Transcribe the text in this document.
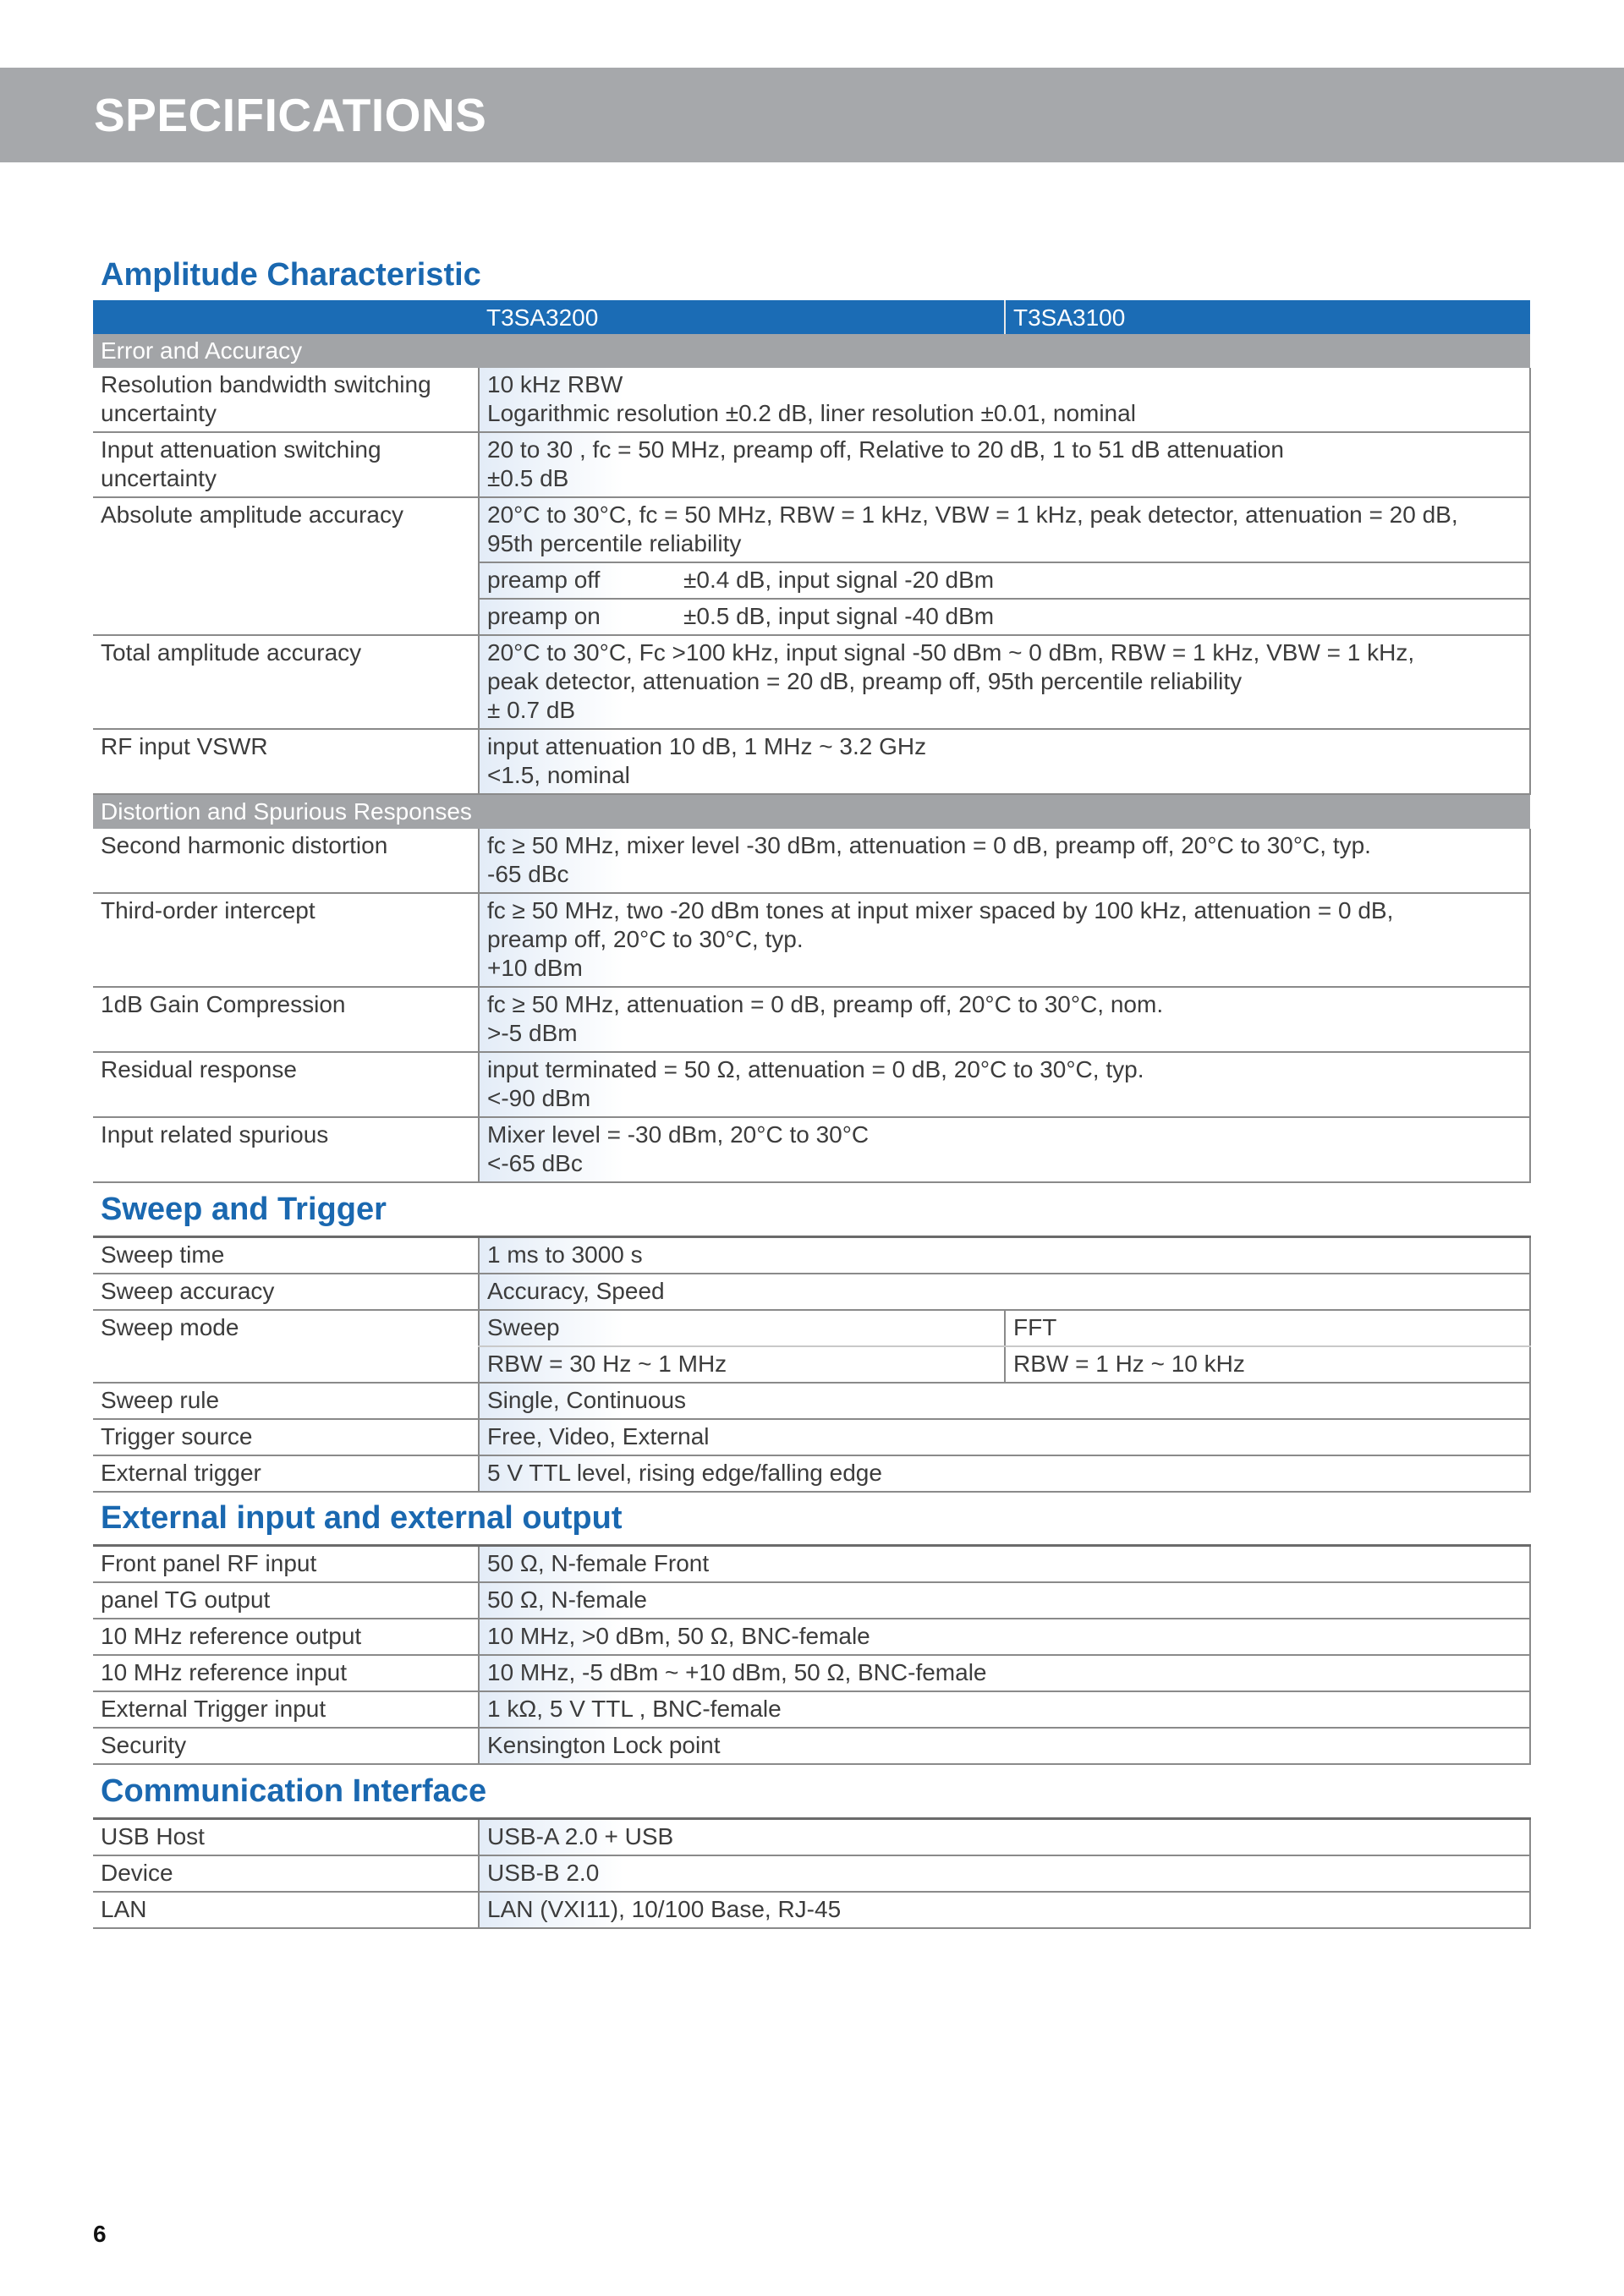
SPECIFICATIONS
Amplitude Characteristic
	T3SA3200	T3SA3100
Error and Accuracy		
Resolution bandwidth switching uncertainty	10 kHz RBW
Logarithmic resolution ±0.2 dB, liner resolution ±0.01, nominal	

Input attenuation switching uncertainty	20 to 30 , fc = 50 MHz, preamp off, Relative to 20 dB, 1 to 51 dB attenuation
±0.5 dB	

Absolute amplitude accuracy	20°C to 30°C, fc = 50 MHz, RBW = 1 kHz, VBW = 1 kHz, peak detector, attenuation = 20 dB,
95th percentile reliability	

	preamp off ±0.4 dB, input signal -20 dBm	
	preamp on ±0.5 dB, input signal -40 dBm	
Total amplitude accuracy	20°C to 30°C, Fc >100 kHz, input signal -50 dBm ~ 0 dBm, RBW = 1 kHz, VBW = 1 kHz,
peak detector, attenuation = 20 dB, preamp off, 95th percentile reliability
± 0.7 dB	

RF input VSWR	input attenuation 10 dB, 1 MHz ~ 3.2 GHz
<1.5, nominal	

Distortion and Spurious Responses		
Second harmonic distortion	fc ≥ 50 MHz, mixer level -30 dBm, attenuation = 0 dB, preamp off, 20°C to 30°C, typ.
-65 dBc	

Third-order intercept	fc ≥ 50 MHz, two -20 dBm tones at input mixer spaced by 100 kHz, attenuation = 0 dB,
preamp off, 20°C to 30°C, typ.
+10 dBm	

1dB Gain Compression	fc ≥ 50 MHz, attenuation = 0 dB, preamp off, 20°C to 30°C, nom.
>-5 dBm	

Residual response	input terminated = 50 Ω, attenuation = 0 dB, 20°C to 30°C, typ.
<-90 dBm	

Input related spurious	Mixer level = -30 dBm, 20°C to 30°C
<-65 dBc	
Sweep and Trigger
Sweep time	1 ms to 3000 s	
Sweep accuracy	Accuracy, Speed	
Sweep mode	Sweep	FFT
	RBW = 30 Hz ~ 1 MHz	RBW = 1 Hz ~ 10 kHz
Sweep rule	Single, Continuous	
Trigger source	Free, Video, External	
External trigger	5 V TTL level, rising edge/falling edge	
External input and external output
Front panel RF input	50 Ω, N-female Front
panel TG output	50 Ω, N-female
10 MHz reference output	10 MHz, >0 dBm, 50 Ω, BNC-female
10 MHz reference input	10 MHz, -5 dBm ~ +10 dBm, 50 Ω, BNC-female
External Trigger input	1 kΩ, 5 V TTL , BNC-female
Security	Kensington Lock point
Communication Interface
USB Host	USB-A 2.0 + USB
Device	USB-B 2.0
LAN	LAN (VXI11), 10/100 Base, RJ-45
6
